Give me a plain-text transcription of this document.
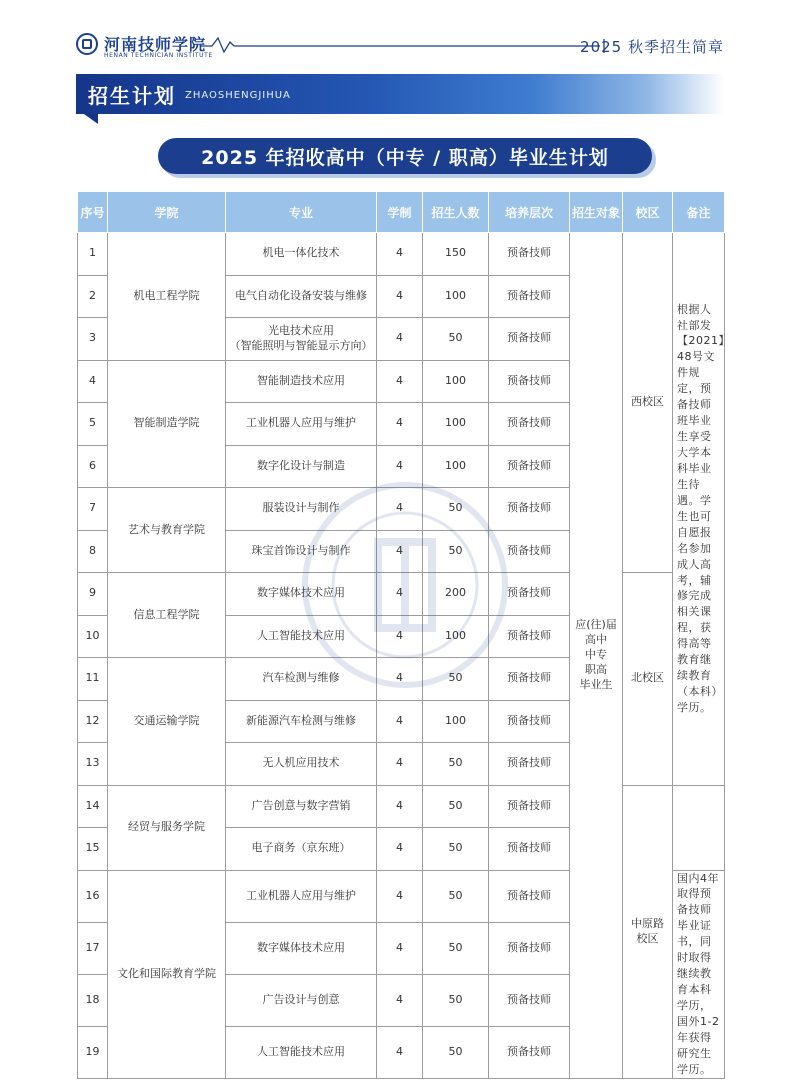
河南技师学院
HENAN TECHNICIAN INSTITUTE	2025 秋季招生简章
招生计划 ZHAOSHENGJIHUA
2025 年招收高中（中专 / 职高）毕业生计划
序号	学院	专业	学制	招生人数	培养层次	招生对象	校区	备注
1	机电工程学院	机电一体化技术	4	150	预备技师	应(往)届
高中
中专
职高
毕业生	西校区	根据人社部发【2021】48号文件规定，预备技师班毕业生享受大学本科毕业生待遇。学生也可自愿报名参加成人高考，辅修完成相关课程，获得高等教育继续教育（本科）学历。
2		电气自动化设备安装与维修	4	100	预备技师			
3		光电技术应用
（智能照明与智能显示方向）	4	50	预备技师			
4	智能制造学院	智能制造技术应用	4	100	预备技师			
5		工业机器人应用与维护	4	100	预备技师			
6		数字化设计与制造	4	100	预备技师			
7	艺术与教育学院	服装设计与制作	4	50	预备技师			
8		珠宝首饰设计与制作	4	50	预备技师			
9	信息工程学院	数字媒体技术应用	4	200	预备技师		北校区	
10		人工智能技术应用	4	100	预备技师			
11	交通运输学院	汽车检测与维修	4	50	预备技师			
12		新能源汽车检测与维修	4	100	预备技师			
13		无人机应用技术	4	50	预备技师			
14	经贸与服务学院	广告创意与数字营销	4	50	预备技师		中原路
校区	
15		电子商务（京东班）	4	50	预备技师			
16	文化和国际教育学院	工业机器人应用与维护	4	50	预备技师			国内4年取得预备技师毕业证书，同时取得继续教育本科学历，国外1-2年获得研究生学历。
17		数字媒体技术应用	4	50	预备技师			
18		广告设计与创意	4	50	预备技师			
19		人工智能技术应用	4	50	预备技师			
